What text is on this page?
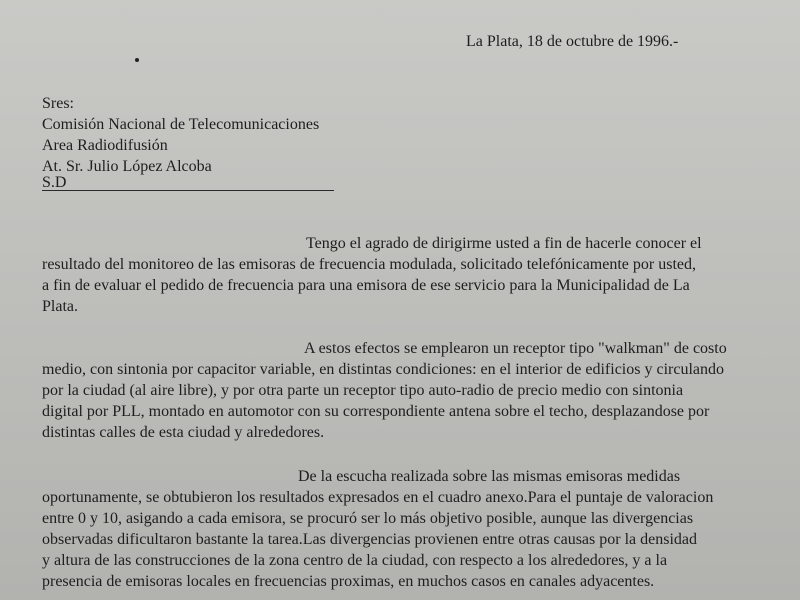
La Plata, 18 de octubre de 1996.-
Sres:
Comisión Nacional de Telecomunicaciones
Area Radiodifusión
At. Sr. Julio López Alcoba
S.D
Tengo el agrado de dirigirme usted a fin de hacerle conocer el
resultado del monitoreo de las emisoras de frecuencia modulada, solicitado telefónicamente por usted,
a fin de evaluar el pedido de frecuencia para una emisora de ese servicio para la Municipalidad de La
Plata.
A estos efectos se emplearon un receptor tipo "walkman" de costo
medio, con sintonia por capacitor variable, en distintas condiciones: en el interior de edificios y circulando
por la ciudad (al aire libre), y por otra parte un receptor tipo auto-radio de precio medio con sintonia
digital por PLL, montado en automotor con su correspondiente antena sobre el techo, desplazandose por
distintas calles de esta ciudad y alrededores.
De la escucha realizada sobre las mismas emisoras medidas
oportunamente, se obtubieron los resultados expresados en el cuadro anexo.Para el puntaje de valoracion
entre 0 y 10, asigando a cada emisora, se procuró ser lo más objetivo posible, aunque las divergencias
observadas dificultaron bastante la tarea.Las divergencias provienen entre otras causas por la densidad
y altura de las construcciones de la zona centro de la ciudad, con respecto a los alrededores, y a la
presencia de emisoras locales en frecuencias proximas, en muchos casos en canales adyacentes.
